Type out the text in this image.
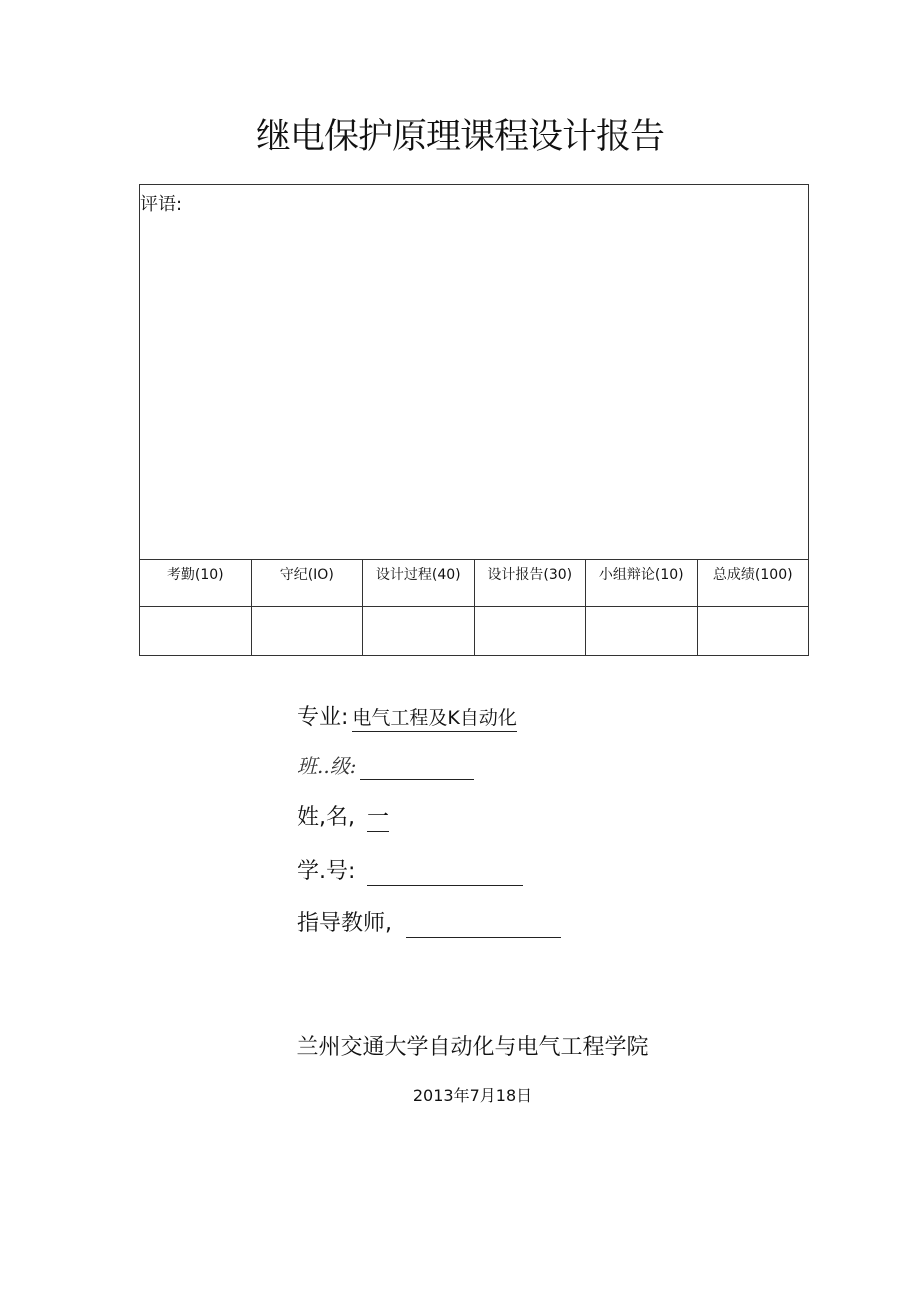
继电保护原理课程设计报告
评语:
考勤(10)	守纪(IO)	设计过程(40)	设计报告(30)	小组辩论(10)	总成绩(100)
专业: 电气工程及K自动化
班..级:
姓,名, 一
学.号:
指导教师,
兰州交通大学自动化与电气工程学院
2013年7月18日
